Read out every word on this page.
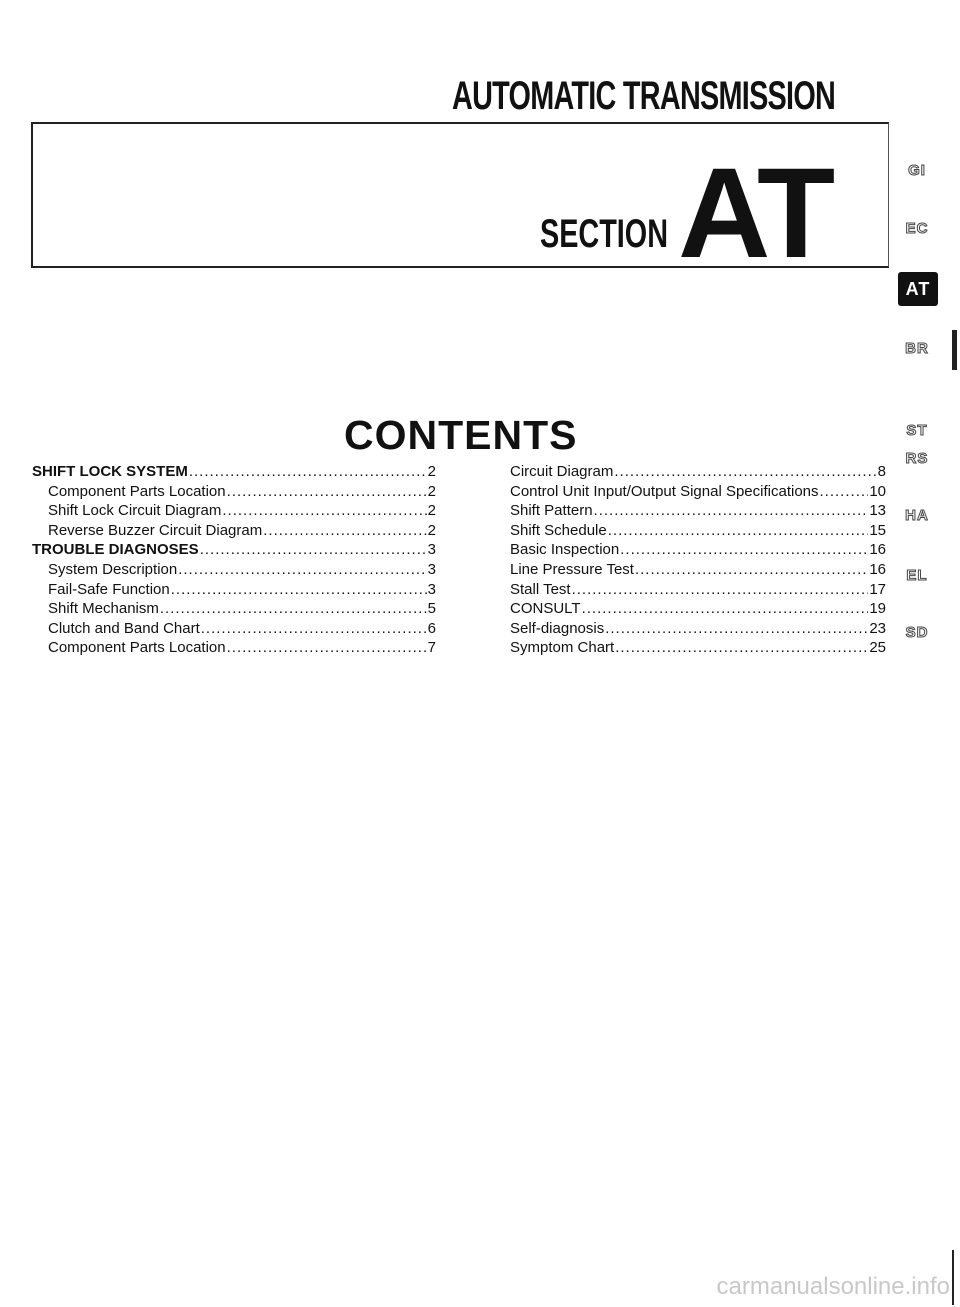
AUTOMATIC TRANSMISSION
SECTION AT
CONTENTS
SHIFT LOCK SYSTEM .....	2
Component Parts Location .....	2
Shift Lock Circuit Diagram .....	2
Reverse Buzzer Circuit Diagram .....	2
TROUBLE DIAGNOSES .....	3
System Description .....	3
Fail-Safe Function .....	3
Shift Mechanism .....	5
Clutch and Band Chart .....	6
Component Parts Location .....	7
Circuit Diagram .....	8
Control Unit Input/Output Signal Specifications .....	10
Shift Pattern .....	13
Shift Schedule .....	15
Basic Inspection .....	16
Line Pressure Test .....	16
Stall Test .....	17
CONSULT .....	19
Self-diagnosis .....	23
Symptom Chart .....	25
GI
EC
AT
BR
ST
RS
HA
EL
SD
carmanualsonline.info
